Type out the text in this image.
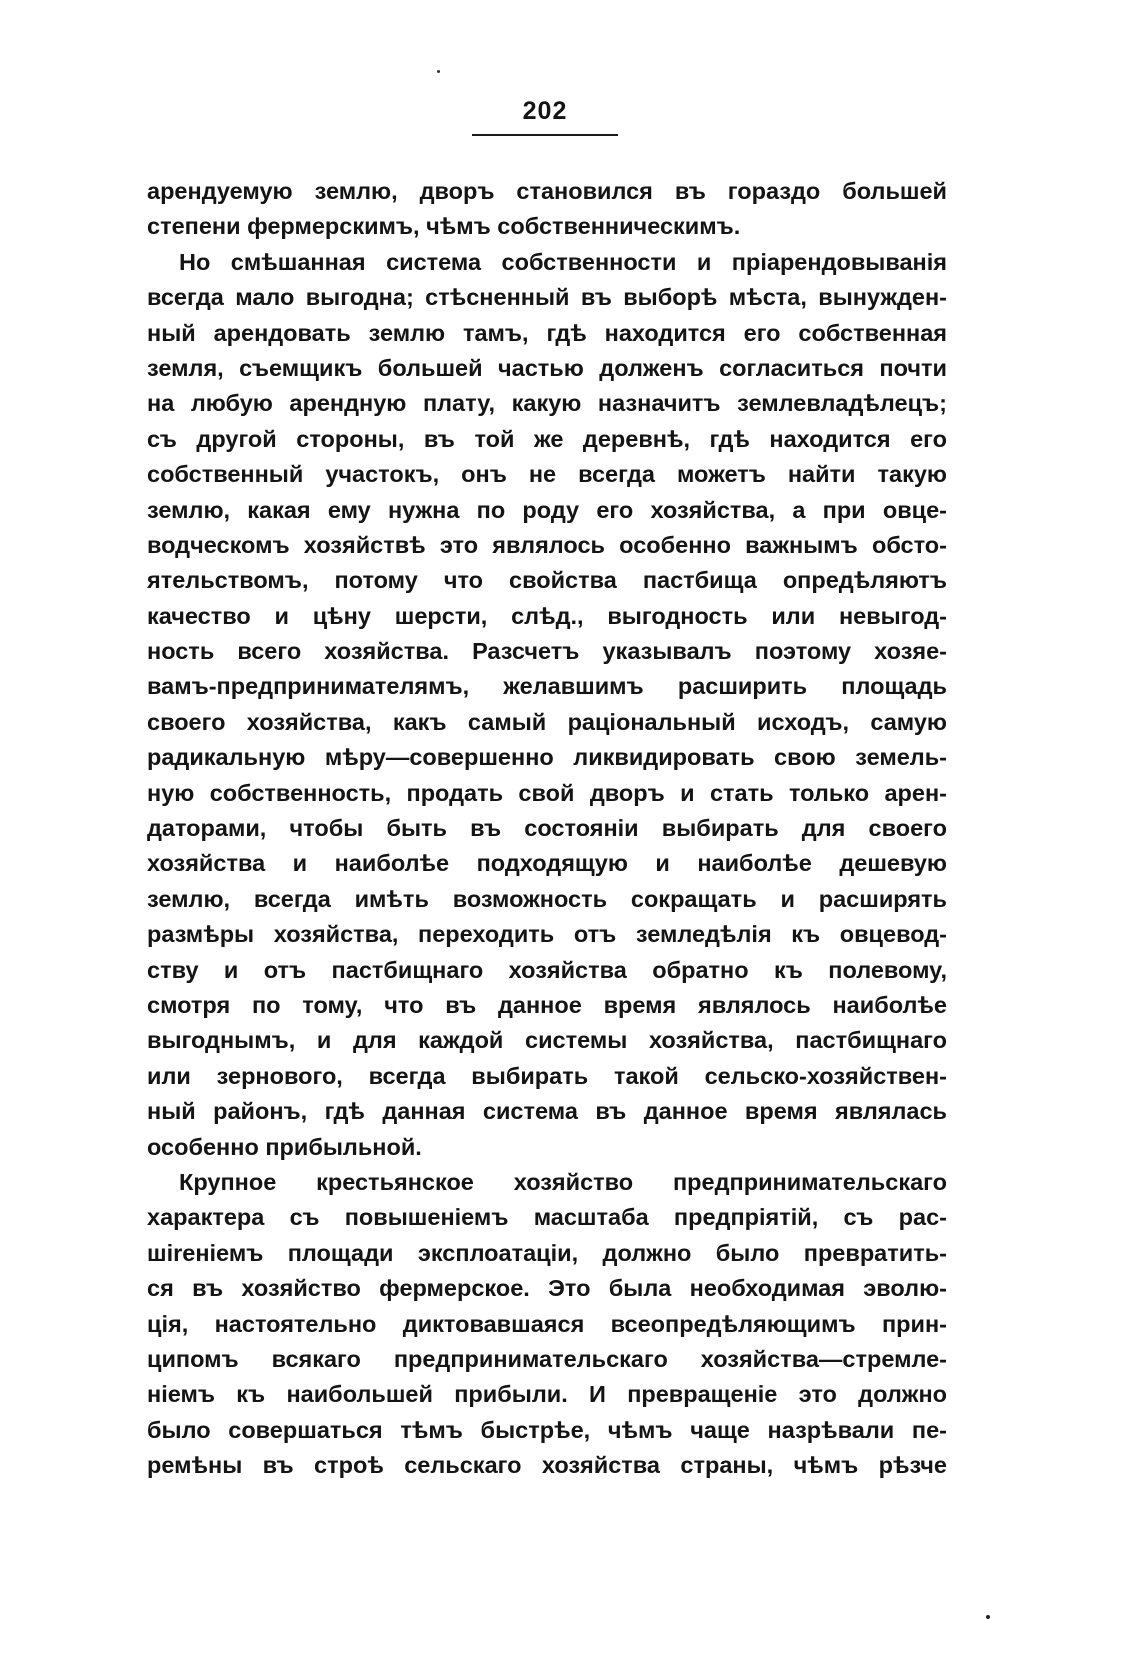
202
арендуемую землю, дворъ становился въ гораздо большей
степени фермерскимъ, чѣмъ собственническимъ.
Но смѣшанная система собственности и пріарендовыванія
всегда мало выгодна; стѣсненный въ выборѣ мѣста, вынужден-
ный арендовать землю тамъ, гдѣ находится его собственная
земля, съемщикъ большей частью долженъ согласиться почти
на любую арендную плату, какую назначитъ землевладѣлецъ;
съ другой стороны, въ той же деревнѣ, гдѣ находится его
собственный участокъ, онъ не всегда можетъ найти такую
землю, какая ему нужна по роду его хозяйства, а при овце-
водческомъ хозяйствѣ это являлось особенно важнымъ обсто-
ятельствомъ, потому что свойства пастбища опредѣляютъ
качество и цѣну шерсти, слѣд., выгодность или невыгод-
ность всего хозяйства. Разсчетъ указывалъ поэтому хозяе-
вамъ-предпринимателямъ, желавшимъ расширить площадь
своего хозяйства, какъ самый раціональный исходъ, самую
радикальную мѣру—совершенно ликвидировать свою земель-
ную собственность, продать свой дворъ и стать только арен-
даторами, чтобы быть въ состояніи выбирать для своего
хозяйства и наиболѣе подходящую и наиболѣе дешевую
землю, всегда имѣть возможность сокращать и расширять
размѣры хозяйства, переходить отъ земледѣлія къ овцевод-
ству и отъ пастбищнаго хозяйства обратно къ полевому,
смотря по тому, что въ данное время являлось наиболѣе
выгоднымъ, и для каждой системы хозяйства, пастбищнаго
или зернового, всегда выбирать такой сельско-хозяйствен-
ный районъ, гдѣ данная система въ данное время являлась
особенно прибыльной.
Крупное крестьянское хозяйство предпринимательскаго
характера съ повышеніемъ масштаба предпріятій, съ рас-
шireніемъ площади эксплоатаціи, должно было превратить-
ся въ хозяйство фермерское. Это была необходимая эволю-
ція, настоятельно диктовавшаяся всеопредѣляющимъ прин-
ципомъ всякаго предпринимательскаго хозяйства—стремле-
ніемъ къ наибольшей прибыли. И превращеніе это должно
было совершаться тѣмъ быстрѣе, чѣмъ чаще назрѣвали пе-
ремѣны въ строѣ сельскаго хозяйства страны, чѣмъ рѣзче
